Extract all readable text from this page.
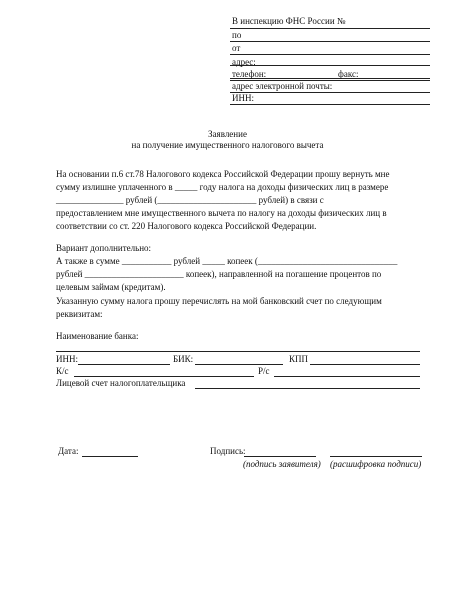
В инспекцию ФНС России №
по
от
адрес:
телефон:	факс:
адрес электронной почты:
ИНН:
Заявление
на получение имущественного налогового вычета
На основании п.6 ст.78 Налогового кодекса Российской Федерации прошу вернуть мне
сумму излишне уплаченного в _____ году налога на доходы физических лиц в размере
_______________ рублей (______________________ рублей) в связи с
предоставлением мне имущественного вычета по налогу на доходы физических лиц в
соответствии со ст. 220 Налогового кодекса Российской Федерации.
Вариант дополнительно:
А также в сумме ___________ рублей _____ копеек (_______________________________
рублей ______________________ копеек), направленной на погашение процентов по
целевым займам (кредитам).
Указанную сумму налога прошу перечислять на мой банковский счет по следующим
реквизитам:
Наименование банка:
ИНН:	БИК:	КПП
К/с	Р/с
Лицевой счет налогоплательщика
Дата:	Подпись:
(подпись заявителя) (расшифровка подписи)
